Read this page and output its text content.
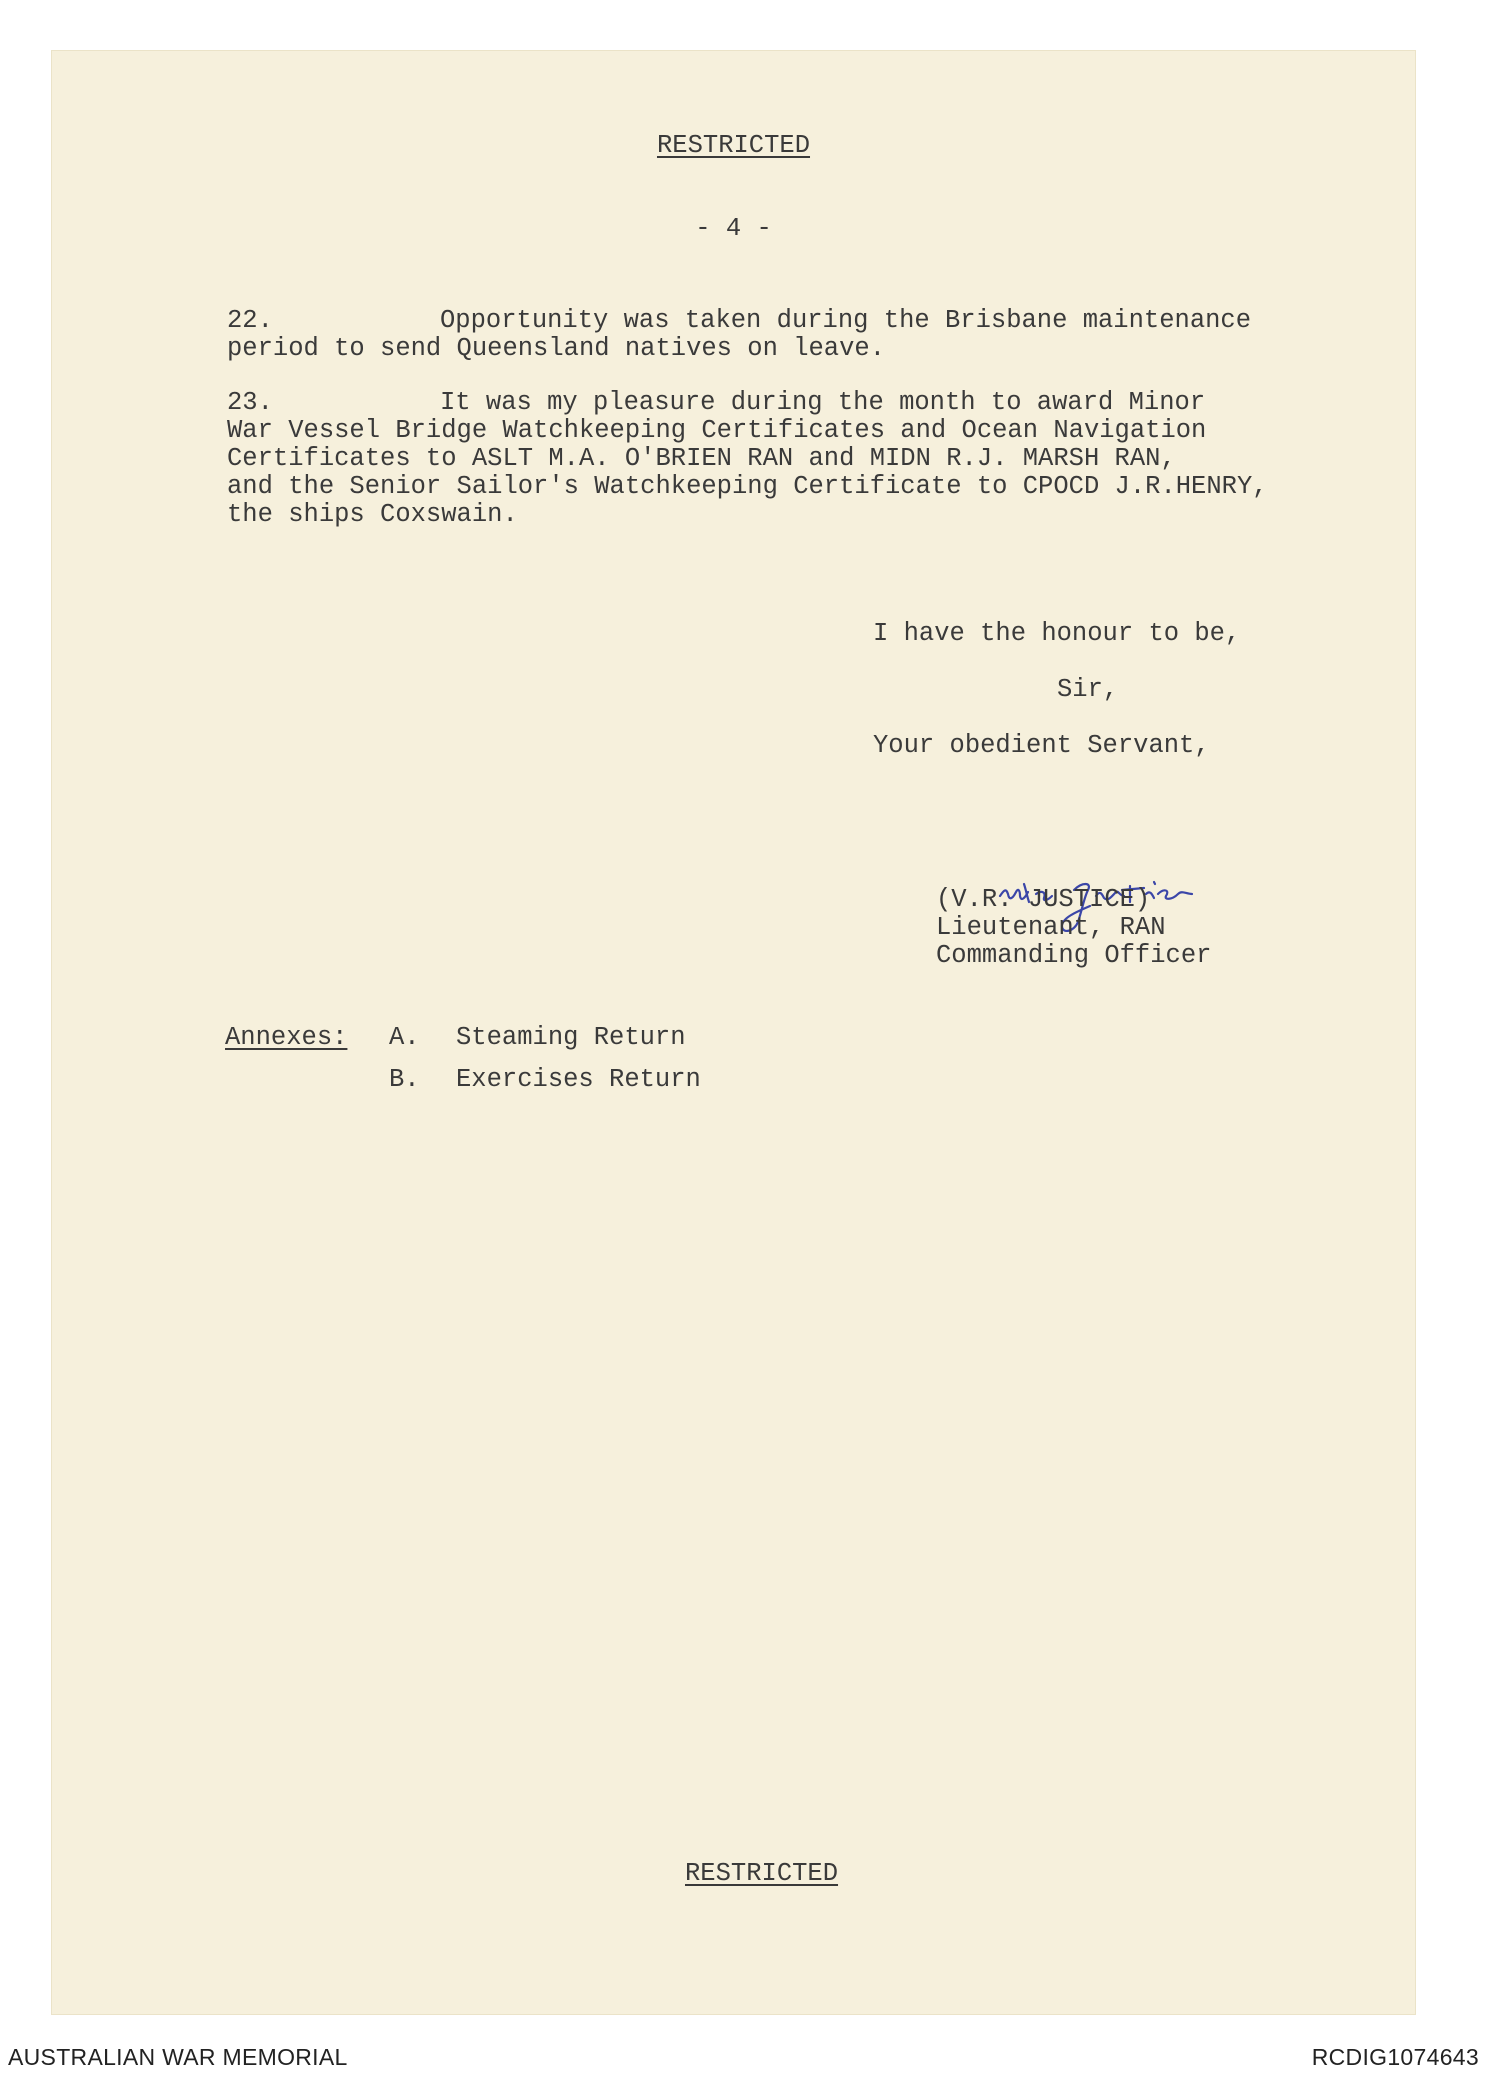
RESTRICTED
- 4 -
22.	Opportunity was taken during the Brisbane maintenance
period to send Queensland natives on leave.
23.	It was my pleasure during the month to award Minor
War Vessel Bridge Watchkeeping Certificates and Ocean Navigation
Certificates to ASLT M.A. O'BRIEN RAN and MIDN R.J. MARSH RAN,
and the Senior Sailor's Watchkeeping Certificate to CPOCD J.R.HENRY,
the ships Coxswain.
I have the honour to be,
Sir,
Your obedient Servant,
(V.R. JUSTICE)
Lieutenant, RAN
Commanding Officer
Annexes: A. Steaming Return
B. Exercises Return
RESTRICTED
AUSTRALIAN WAR MEMORIAL	RCDIG1074643
